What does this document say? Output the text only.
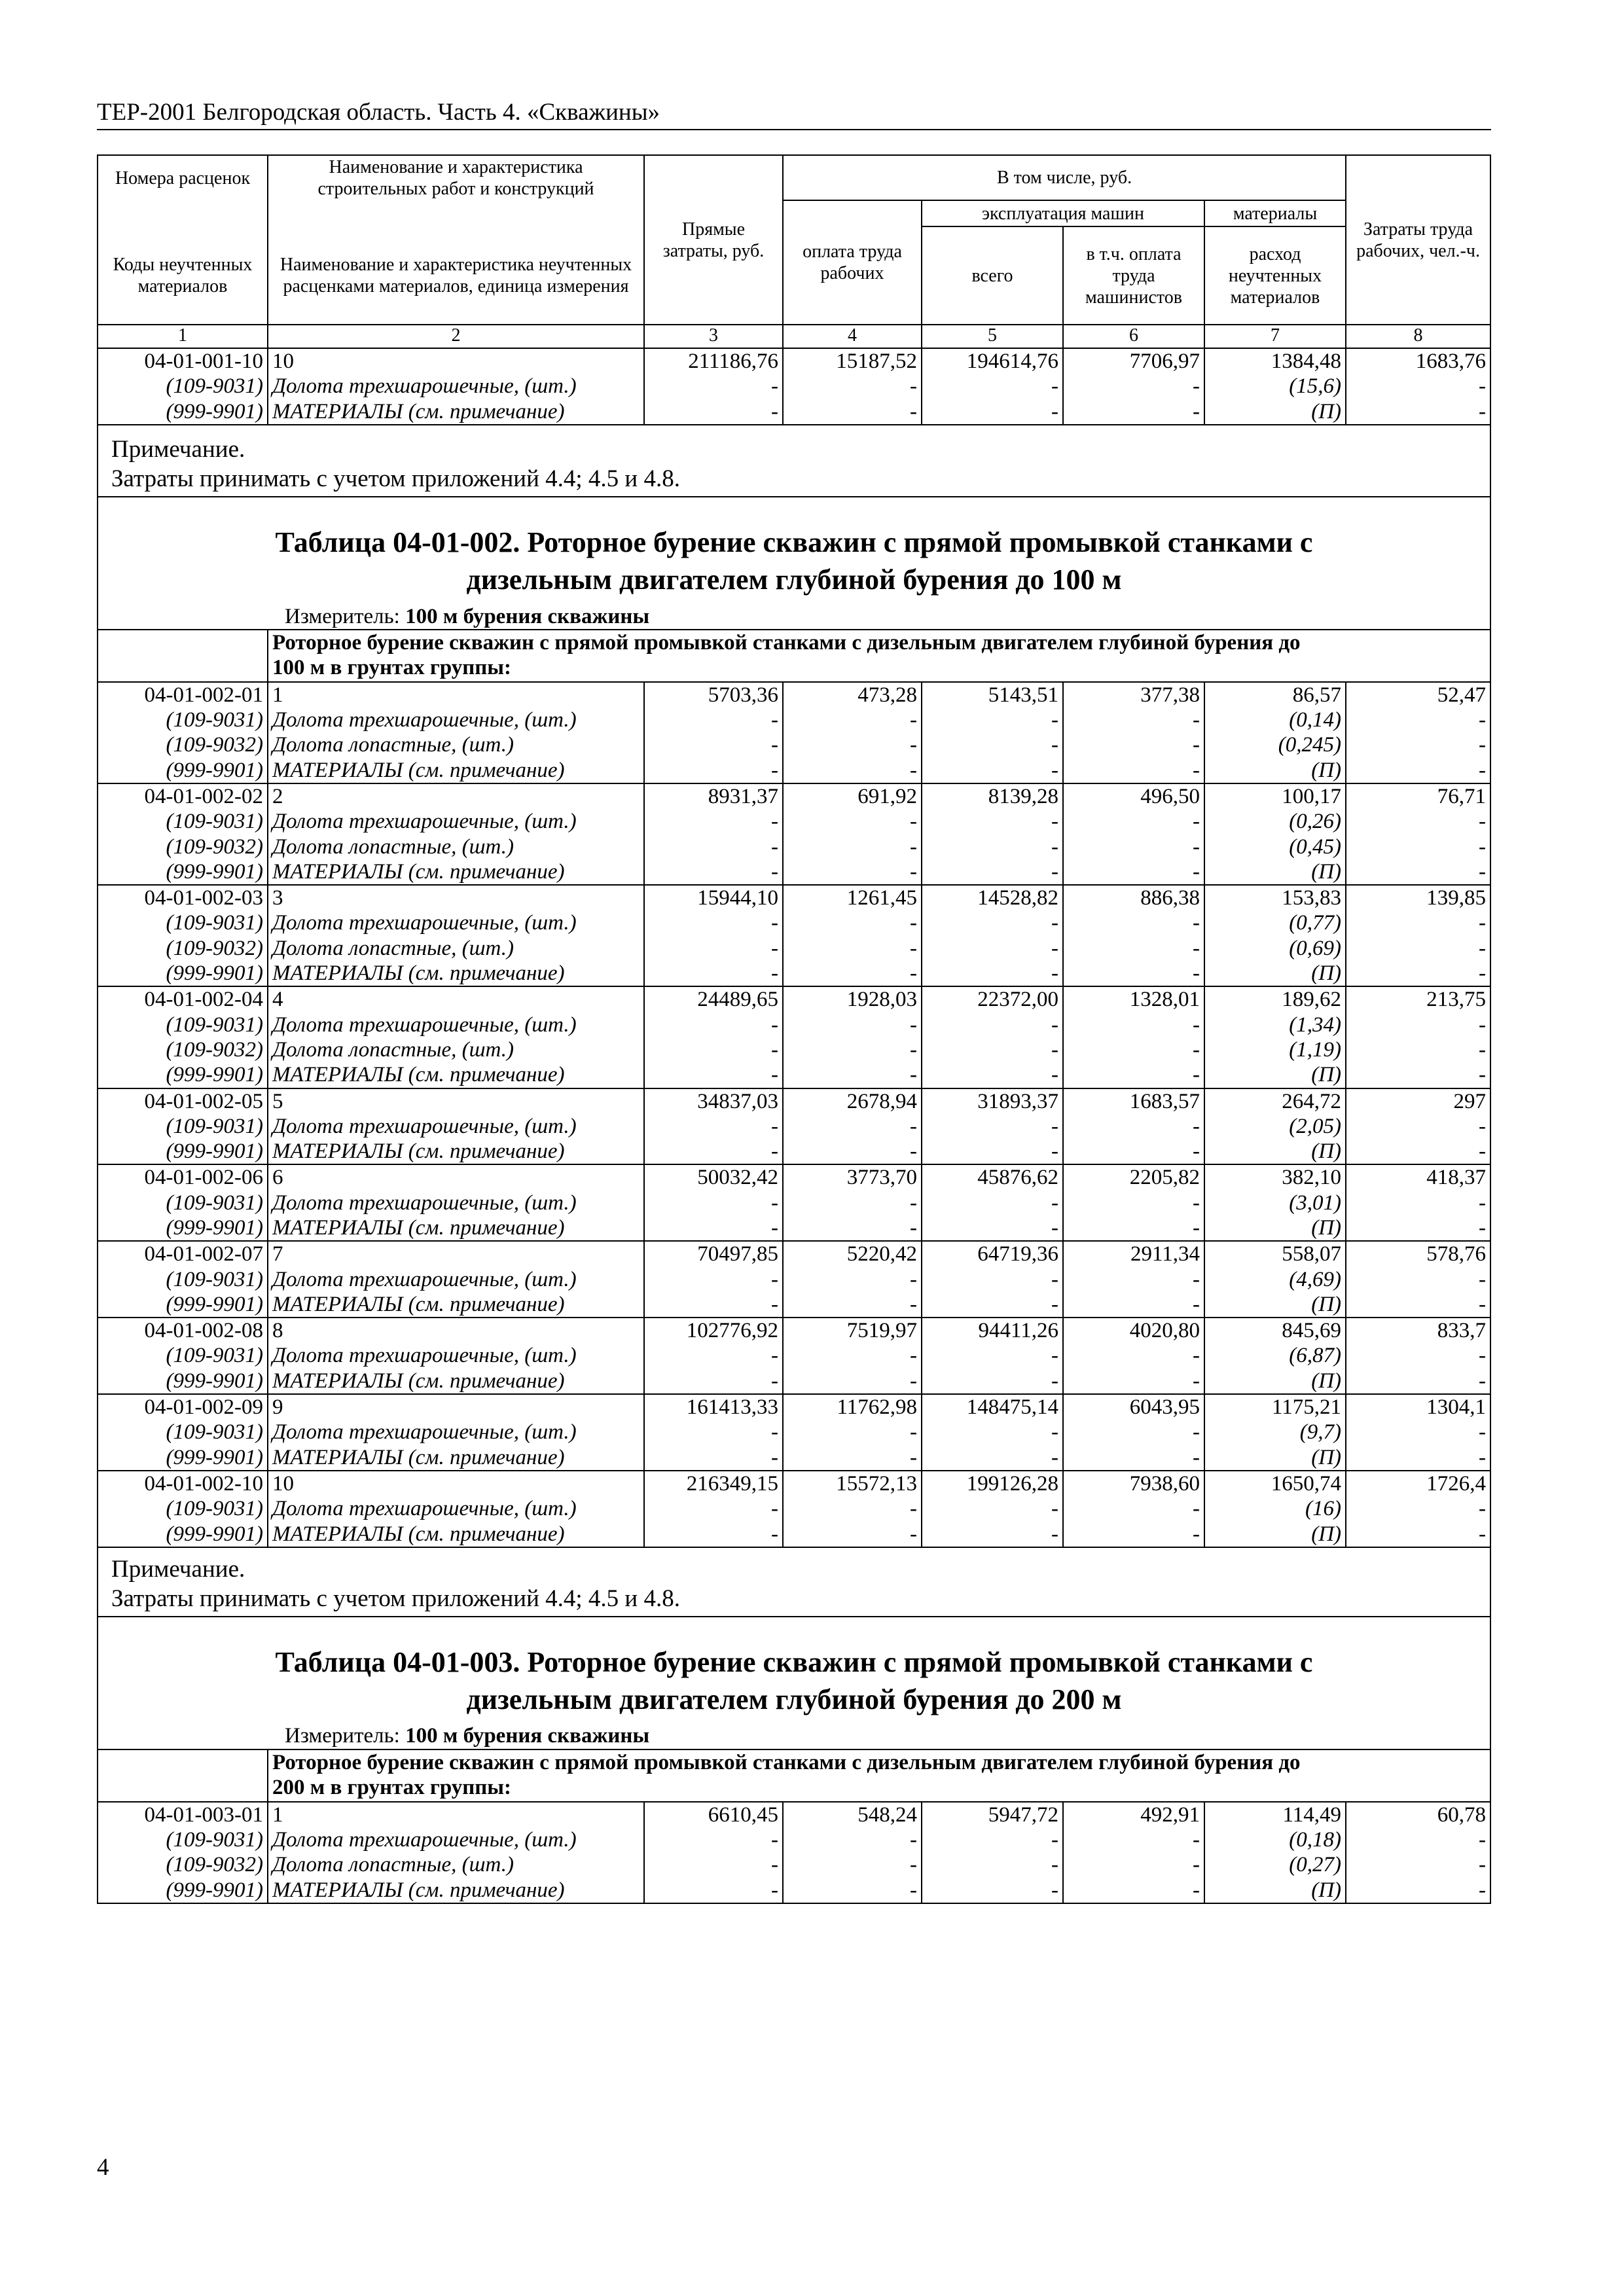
ТЕР-2001 Белгородская область. Часть 4. «Скважины»
Номера расценок	Наименование и характеристика строительных работ и конструкций	Прямые затраты, руб.	В том числе, руб.				Затраты труда рабочих, чел.-ч.
			оплата труда рабочих	эксплуатация машин		материалы	
Коды неучтенных материалов	Наименование и характеристика неучтенных расценками материалов, единица измерения			всего	в т.ч. оплата труда машинистов	расход неучтенных материалов	
1	2	3	4	5	6	7	8
04-01-001-10	10	211186,76	15187,52	194614,76	7706,97	1384,48	1683,76
(109-9031)	Долота трехшарошечные, (шт.)	-	-	-	-	(15,6)	-
(999-9901)	МАТЕРИАЛЫ (см. примечание)	-	-	-	-	(П)	-

Примечание.
Затраты принимать с учетом приложений 4.4; 4.5 и 4.8.							

Таблица 04-01-002. Роторное бурение скважин с прямой промывкой станками с
дизельным двигателем глубиной бурения до 100 м							

Измеритель: 100 м бурения скважины							

	Роторное бурение скважин с прямой промывкой станками с дизельным двигателем глубиной бурения до
100 м в грунтах группы:						

04-01-002-01	1	5703,36	473,28	5143,51	377,38	86,57	52,47
(109-9031)	Долота трехшарошечные, (шт.)	-	-	-	-	(0,14)	-
(109-9032)	Долота лопастные, (шт.)	-	-	-	-	(0,245)	-
(999-9901)	МАТЕРИАЛЫ (см. примечание)	-	-	-	-	(П)	-
04-01-002-02	2	8931,37	691,92	8139,28	496,50	100,17	76,71
(109-9031)	Долота трехшарошечные, (шт.)	-	-	-	-	(0,26)	-
(109-9032)	Долота лопастные, (шт.)	-	-	-	-	(0,45)	-
(999-9901)	МАТЕРИАЛЫ (см. примечание)	-	-	-	-	(П)	-
04-01-002-03	3	15944,10	1261,45	14528,82	886,38	153,83	139,85
(109-9031)	Долота трехшарошечные, (шт.)	-	-	-	-	(0,77)	-
(109-9032)	Долота лопастные, (шт.)	-	-	-	-	(0,69)	-
(999-9901)	МАТЕРИАЛЫ (см. примечание)	-	-	-	-	(П)	-
04-01-002-04	4	24489,65	1928,03	22372,00	1328,01	189,62	213,75
(109-9031)	Долота трехшарошечные, (шт.)	-	-	-	-	(1,34)	-
(109-9032)	Долота лопастные, (шт.)	-	-	-	-	(1,19)	-
(999-9901)	МАТЕРИАЛЫ (см. примечание)	-	-	-	-	(П)	-
04-01-002-05	5	34837,03	2678,94	31893,37	1683,57	264,72	297
(109-9031)	Долота трехшарошечные, (шт.)	-	-	-	-	(2,05)	-
(999-9901)	МАТЕРИАЛЫ (см. примечание)	-	-	-	-	(П)	-
04-01-002-06	6	50032,42	3773,70	45876,62	2205,82	382,10	418,37
(109-9031)	Долота трехшарошечные, (шт.)	-	-	-	-	(3,01)	-
(999-9901)	МАТЕРИАЛЫ (см. примечание)	-	-	-	-	(П)	-
04-01-002-07	7	70497,85	5220,42	64719,36	2911,34	558,07	578,76
(109-9031)	Долота трехшарошечные, (шт.)	-	-	-	-	(4,69)	-
(999-9901)	МАТЕРИАЛЫ (см. примечание)	-	-	-	-	(П)	-
04-01-002-08	8	102776,92	7519,97	94411,26	4020,80	845,69	833,7
(109-9031)	Долота трехшарошечные, (шт.)	-	-	-	-	(6,87)	-
(999-9901)	МАТЕРИАЛЫ (см. примечание)	-	-	-	-	(П)	-
04-01-002-09	9	161413,33	11762,98	148475,14	6043,95	1175,21	1304,1
(109-9031)	Долота трехшарошечные, (шт.)	-	-	-	-	(9,7)	-
(999-9901)	МАТЕРИАЛЫ (см. примечание)	-	-	-	-	(П)	-
04-01-002-10	10	216349,15	15572,13	199126,28	7938,60	1650,74	1726,4
(109-9031)	Долота трехшарошечные, (шт.)	-	-	-	-	(16)	-
(999-9901)	МАТЕРИАЛЫ (см. примечание)	-	-	-	-	(П)	-

Примечание.
Затраты принимать с учетом приложений 4.4; 4.5 и 4.8.							

Таблица 04-01-003. Роторное бурение скважин с прямой промывкой станками с
дизельным двигателем глубиной бурения до 200 м							

Измеритель: 100 м бурения скважины							

	Роторное бурение скважин с прямой промывкой станками с дизельным двигателем глубиной бурения до
200 м в грунтах группы:						

04-01-003-01	1	6610,45	548,24	5947,72	492,91	114,49	60,78
(109-9031)	Долота трехшарошечные, (шт.)	-	-	-	-	(0,18)	-
(109-9032)	Долота лопастные, (шт.)	-	-	-	-	(0,27)	-
(999-9901)	МАТЕРИАЛЫ (см. примечание)	-	-	-	-	(П)	-
4
